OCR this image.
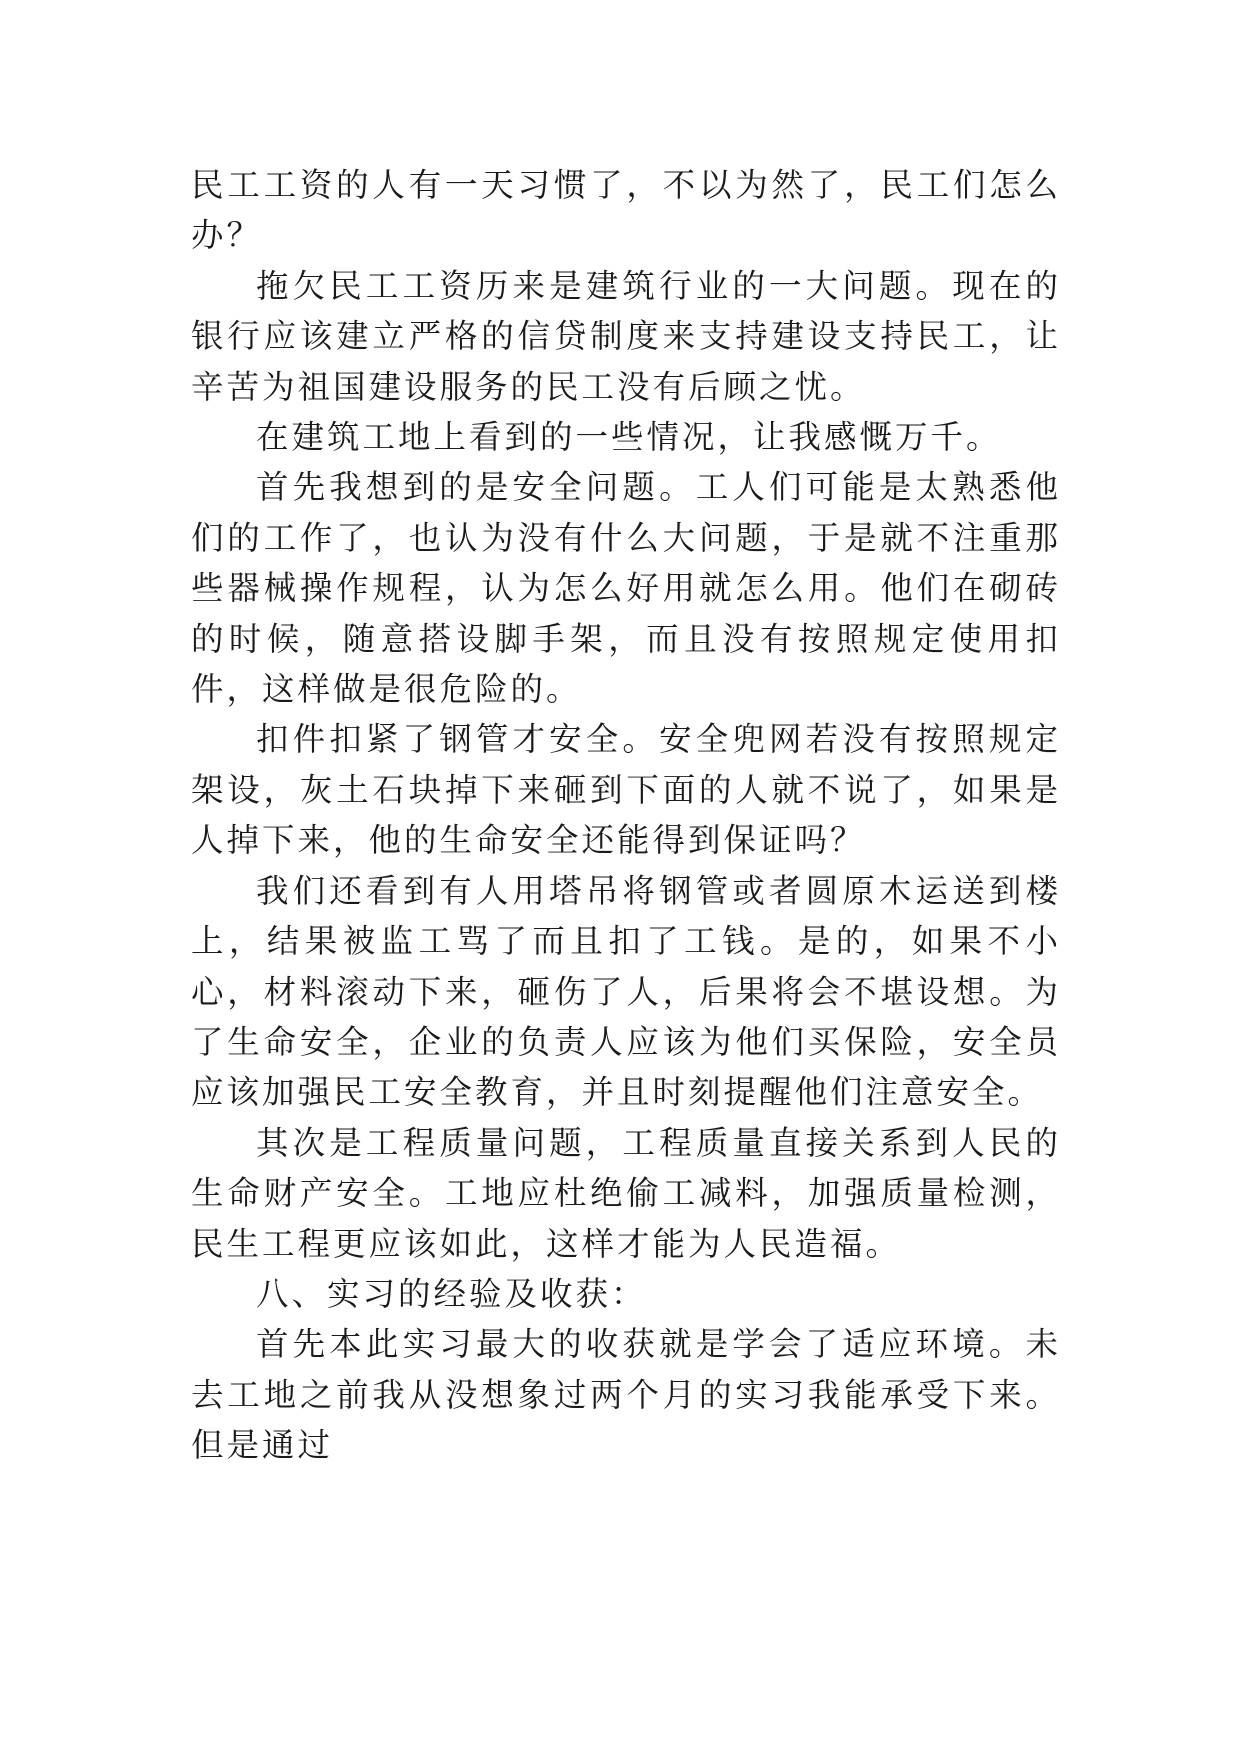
民工工资的人有一天习惯了，不以为然了，民工们怎么办？

拖欠民工工资历来是建筑行业的一大问题。现在的银行应该建立严格的信贷制度来支持建设支持民工，让辛苦为祖国建设服务的民工没有后顾之忧。

在建筑工地上看到的一些情况，让我感慨万千。

首先我想到的是安全问题。工人们可能是太熟悉他们的工作了，也认为没有什么大问题，于是就不注重那些器械操作规程，认为怎么好用就怎么用。他们在砌砖的时候，随意搭设脚手架，而且没有按照规定使用扣件，这样做是很危险的。

扣件扣紧了钢管才安全。安全兜网若没有按照规定架设，灰土石块掉下来砸到下面的人就不说了，如果是人掉下来，他的生命安全还能得到保证吗？

我们还看到有人用塔吊将钢管或者圆原木运送到楼上，结果被监工骂了而且扣了工钱。是的，如果不小心，材料滚动下来，砸伤了人，后果将会不堪设想。为了生命安全，企业的负责人应该为他们买保险，安全员应该加强民工安全教育，并且时刻提醒他们注意安全。

其次是工程质量问题，工程质量直接关系到人民的生命财产安全。工地应杜绝偷工减料，加强质量检测，民生工程更应该如此，这样才能为人民造福。

八、实习的经验及收获：

首先本此实习最大的收获就是学会了适应环境。未去工地之前我从没想象过两个月的实习我能承受下来。但是通过
